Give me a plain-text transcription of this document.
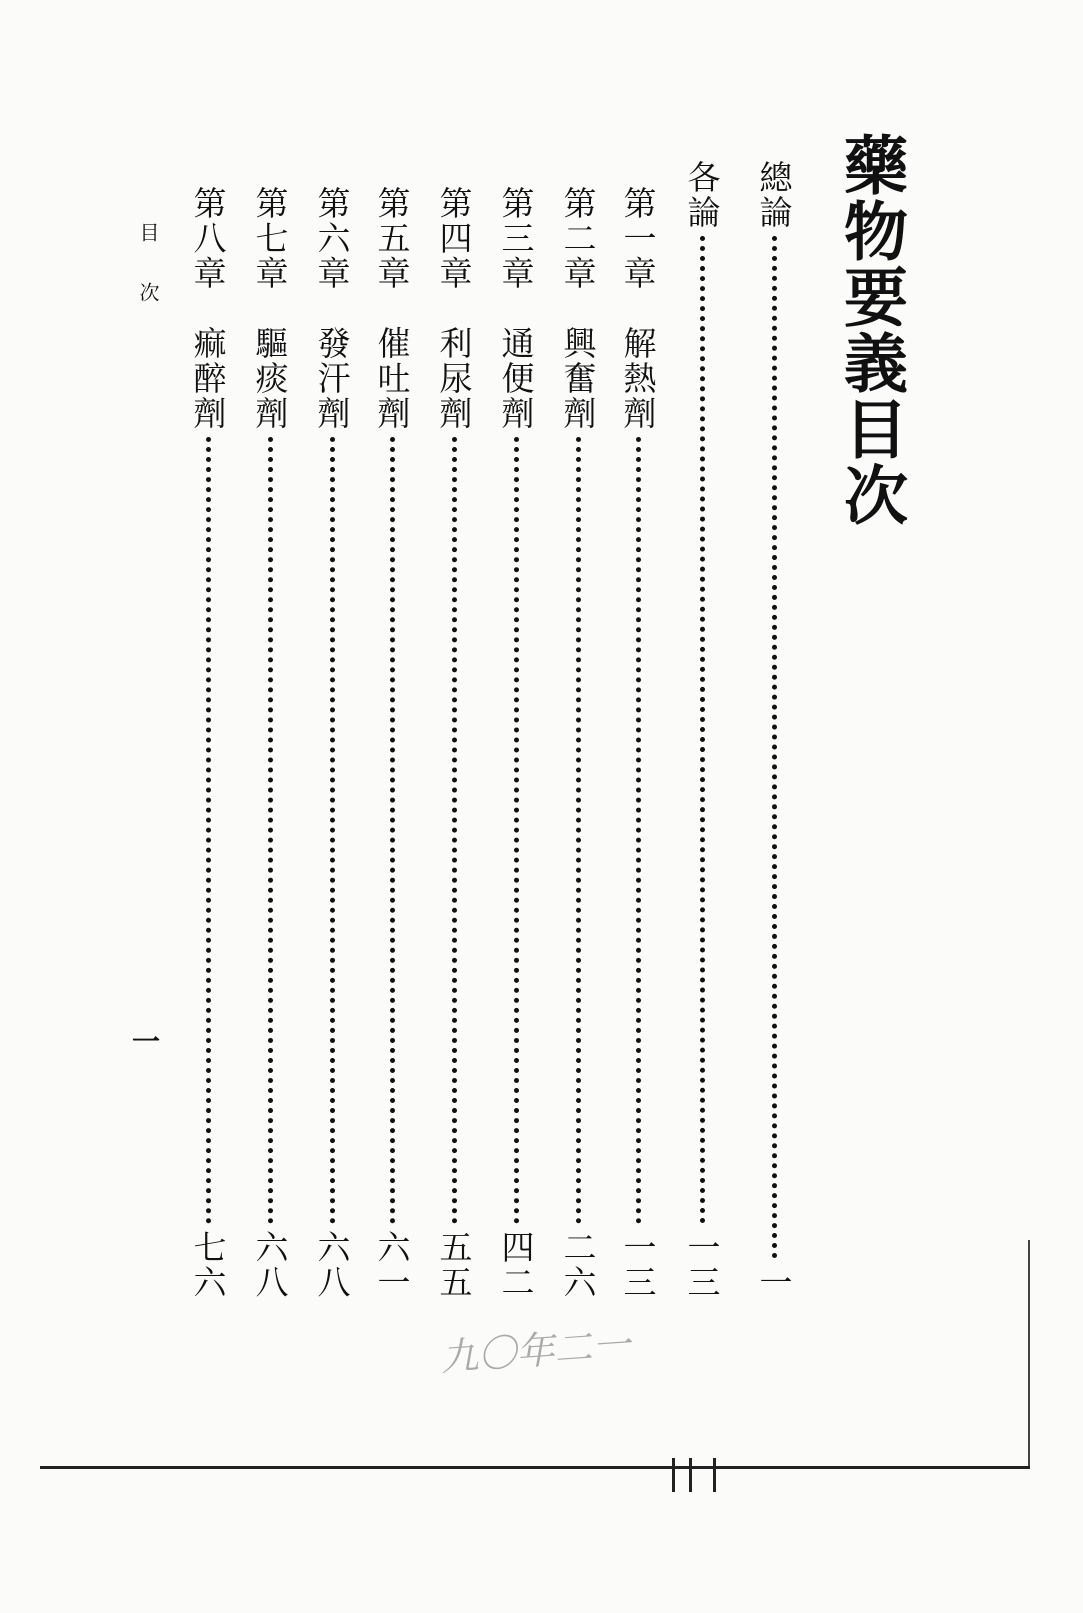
藥物要義目次
總論
一
各論
一三
第一章　解熱劑
一三
第二章　興奮劑
二六
第三章　通便劑
四二
第四章　利尿劑
五五
第五章　催吐劑
六一
第六章　發汗劑
六八
第七章　驅痰劑
六八
第八章　痲醉劑
七六
目次
一
九〇年二一
